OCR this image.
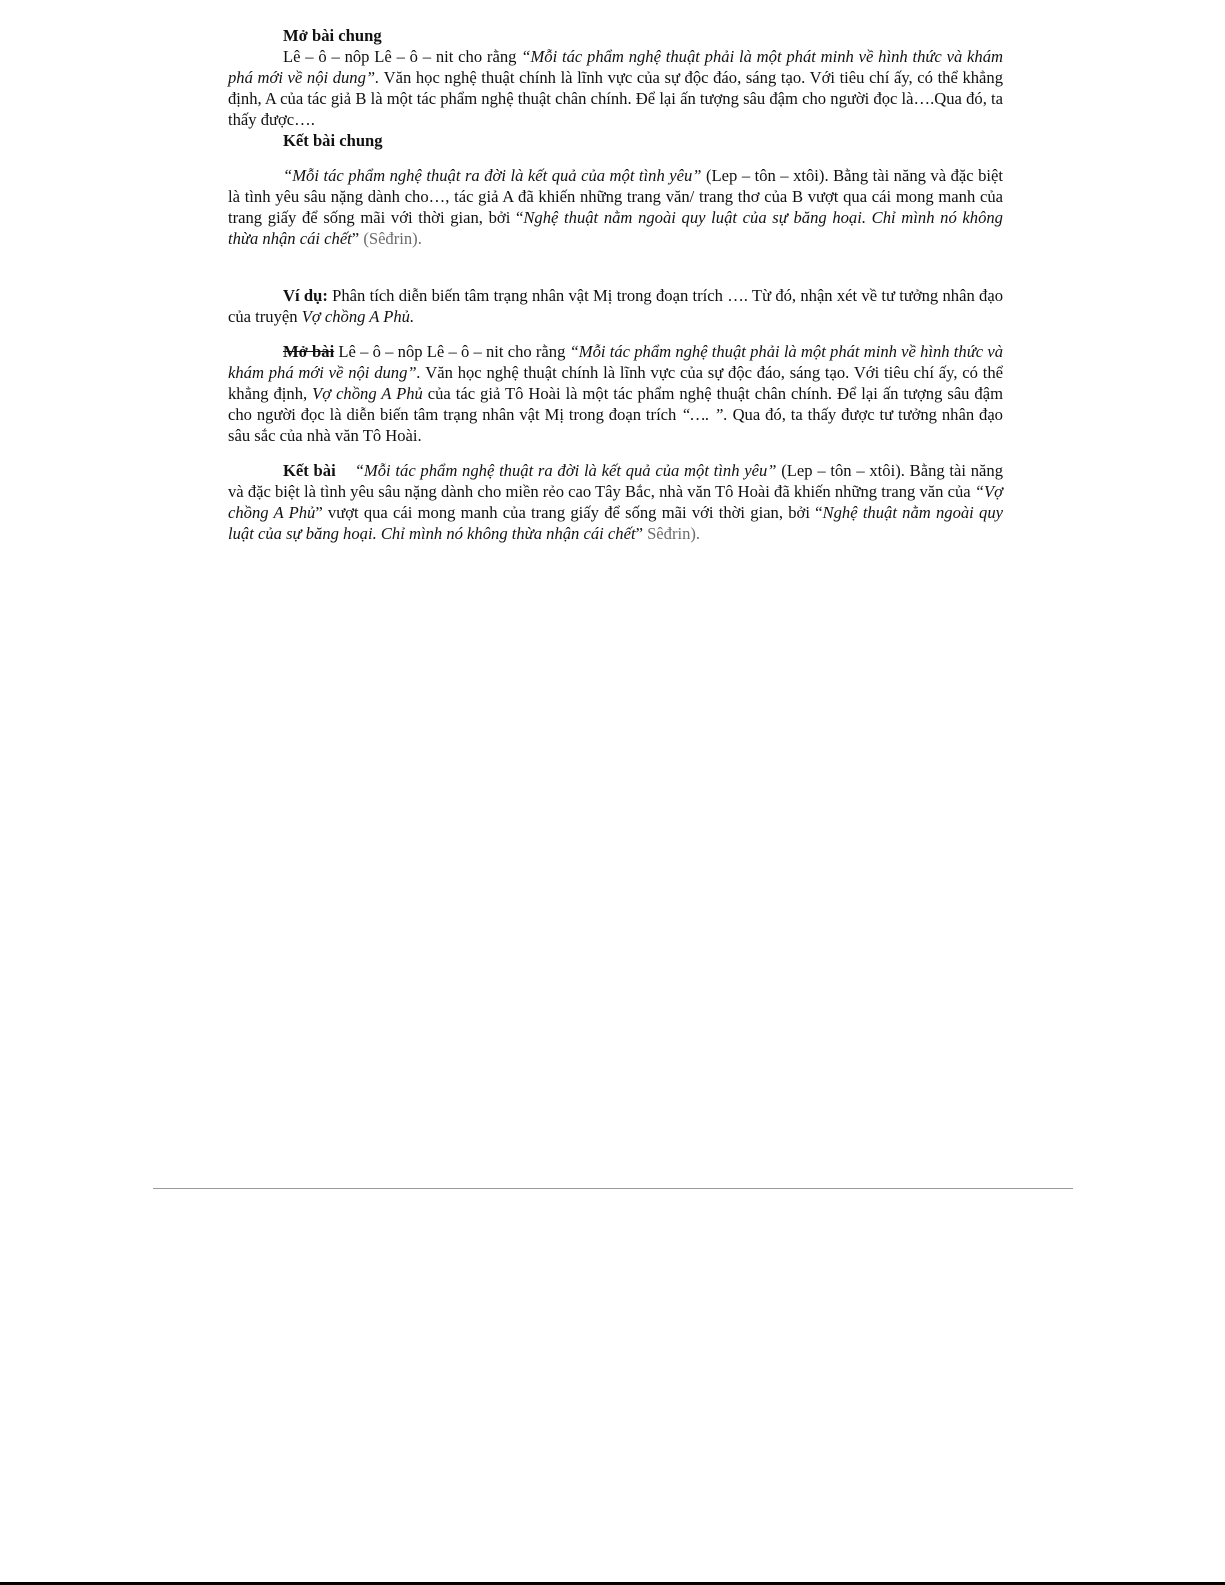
Mở bài chung

Lê – ô – nôp Lê – ô – nit cho rằng “Mỗi tác phẩm nghệ thuật phải là một phát minh về hình thức và khám phá mới về nội dung”. Văn học nghệ thuật chính là lĩnh vực của sự độc đáo, sáng tạo. Với tiêu chí ấy, có thể khẳng định, A của tác giả B là một tác phẩm nghệ thuật chân chính. Để lại ấn tượng sâu đậm cho người đọc là….Qua đó, ta thấy được….

Kết bài chung

“Mỗi tác phẩm nghệ thuật ra đời là kết quả của một tình yêu” (Lep – tôn – xtôi). Bằng tài năng và đặc biệt là tình yêu sâu nặng dành cho…, tác giả A đã khiến những trang văn/ trang thơ của B vượt qua cái mong manh của trang giấy để sống mãi với thời gian, bởi “Nghệ thuật nằm ngoài quy luật của sự băng hoại. Chỉ mình nó không thừa nhận cái chết” (Sêđrin).

Ví dụ: Phân tích diễn biến tâm trạng nhân vật Mị trong đoạn trích …. Từ đó, nhận xét về tư tưởng nhân đạo của truyện Vợ chồng A Phủ.

Mở bài Lê – ô – nôp Lê – ô – nit cho rằng “Mỗi tác phẩm nghệ thuật phải là một phát minh về hình thức và khám phá mới về nội dung”. Văn học nghệ thuật chính là lĩnh vực của sự độc đáo, sáng tạo. Với tiêu chí ấy, có thể khẳng định, Vợ chồng A Phủ của tác giả Tô Hoài là một tác phẩm nghệ thuật chân chính. Để lại ấn tượng sâu đậm cho người đọc là diễn biến tâm trạng nhân vật Mị trong đoạn trích “…. ”. Qua đó, ta thấy được tư tưởng nhân đạo sâu sắc của nhà văn Tô Hoài.

Kết bài “Mỗi tác phẩm nghệ thuật ra đời là kết quả của một tình yêu” (Lep – tôn – xtôi). Bằng tài năng và đặc biệt là tình yêu sâu nặng dành cho miền rẻo cao Tây Bắc, nhà văn Tô Hoài đã khiến những trang văn của “Vợ chồng A Phủ” vượt qua cái mong manh của trang giấy để sống mãi với thời gian, bởi “Nghệ thuật nằm ngoài quy luật của sự băng hoại. Chỉ mình nó không thừa nhận cái chết” Sêđrin).
